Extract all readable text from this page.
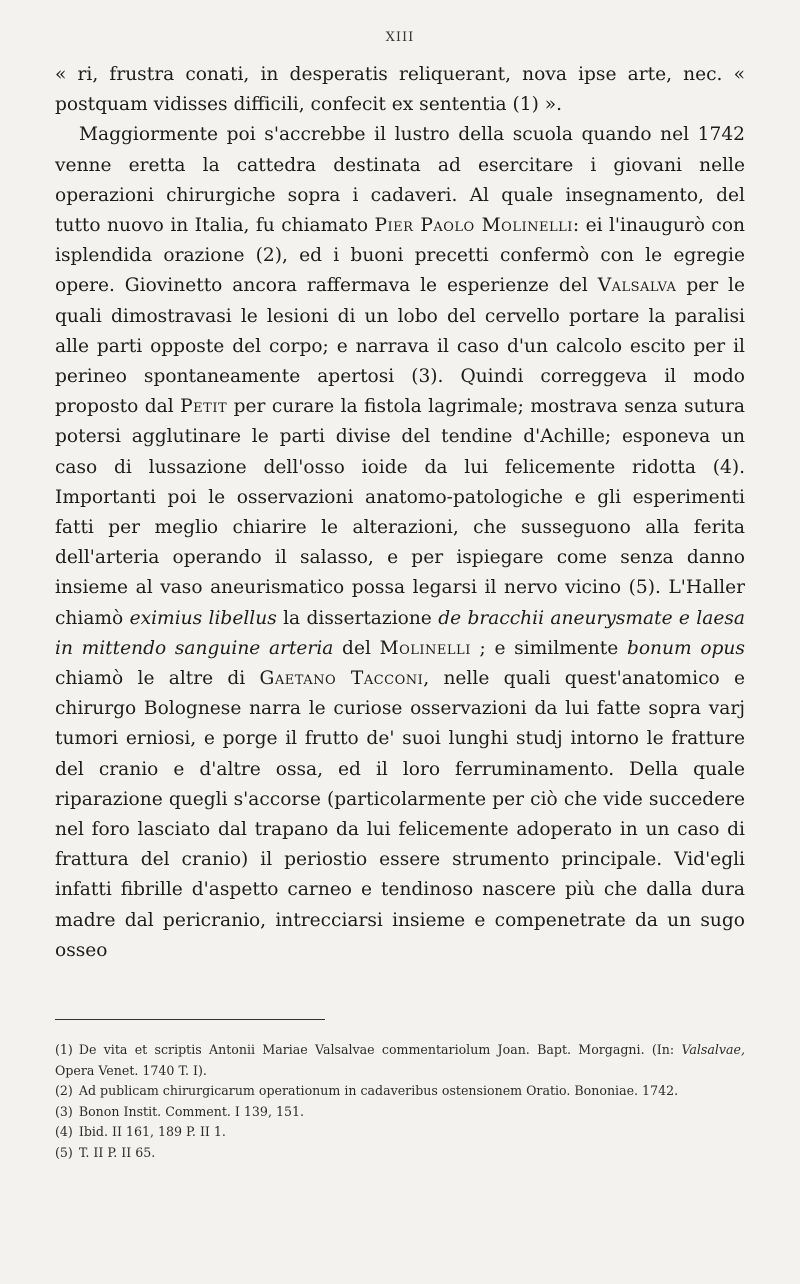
XIII

« ri, frustra conati, in desperatis reliquerant, nova ipse arte, nec. « postquam vidisses difficili, confecit ex sententia (1) ».

Maggiormente poi s'accrebbe il lustro della scuola quando nel 1742 venne eretta la cattedra destinata ad esercitare i giovani nelle operazioni chirurgiche sopra i cadaveri. Al quale insegnamento, del tutto nuovo in Italia, fu chiamato Pier Paolo Molinelli: ei l'inaugurò con isplendida orazione (2), ed i buoni precetti confermò con le egregie opere. Giovinetto ancora raffermava le esperienze del Valsalva per le quali dimostravasi le lesioni di un lobo del cervello portare la paralisi alle parti opposte del corpo; e narrava il caso d'un calcolo escito per il perineo spontaneamente apertosi (3). Quindi correggeva il modo proposto dal Petit per curare la fistola lagrimale; mostrava senza sutura potersi agglutinare le parti divise del tendine d'Achille; esponeva un caso di lussazione dell'osso ioide da lui felicemente ridotta (4). Importanti poi le osservazioni anatomo-patologiche e gli esperimenti fatti per meglio chiarire le alterazioni, che susseguono alla ferita dell'arteria operando il salasso, e per ispiegare come senza danno insieme al vaso aneurismatico possa legarsi il nervo vicino (5). L'Haller chiamò eximius libellus la dissertazione de bracchii aneurysmate e laesa in mittendo sanguine arteria del Molinelli ; e similmente bonum opus chiamò le altre di Gaetano Tacconi, nelle quali quest'anatomico e chirurgo Bolognese narra le curiose osservazioni da lui fatte sopra varj tumori erniosi, e porge il frutto de' suoi lunghi studj intorno le fratture del cranio e d'altre ossa, ed il loro ferruminamento. Della quale riparazione quegli s'accorse (particolarmente per ciò che vide succedere nel foro lasciato dal trapano da lui felicemente adoperato in un caso di frattura del cranio) il periostio essere strumento principale. Vid'egli infatti fibrille d'aspetto carneo e tendinoso nascere più che dalla dura madre dal pericranio, intrecciarsi insieme e compenetrate da un sugo osseo

(1) De vita et scriptis Antonii Mariae Valsalvae commentariolum Joan. Bapt. Morgagni. (In: Valsalvae, Opera Venet. 1740 T. I).

(2) Ad publicam chirurgicarum operationum in cadaveribus ostensionem Oratio. Bononiae. 1742.

(3) Bonon Instit. Comment. I 139, 151.

(4) Ibid. II 161, 189 P. II 1.

(5) T. II P. II 65.
